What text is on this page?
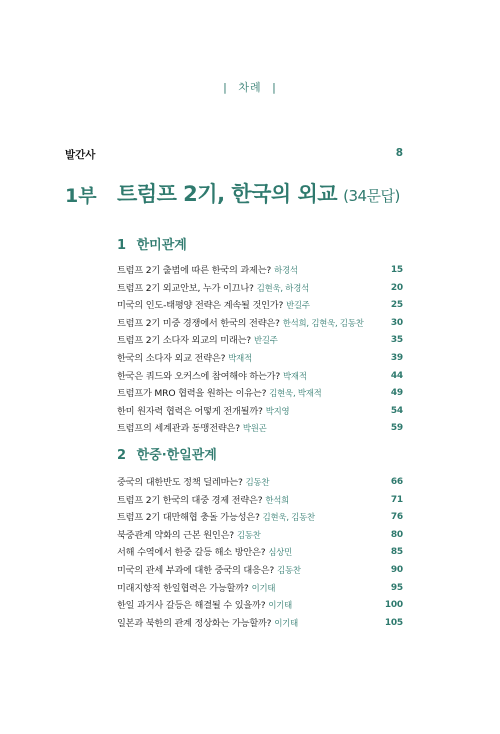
| 차례 |
발간사	8
1부 트럼프 2기, 한국의 외교 (34문답)
1 한미관계
트럼프 2기 출범에 따른 한국의 과제는? 하경석	15
트럼프 2기 외교안보, 누가 이끄나? 김현욱, 하경석	20
미국의 인도-태평양 전략은 계속될 것인가? 반길주	25
트럼프 2기 미중 경쟁에서 한국의 전략은? 한석희, 김현욱, 김동찬	30
트럼프 2기 소다자 외교의 미래는? 반길주	35
한국의 소다자 외교 전략은? 박재적	39
한국은 쿼드와 오커스에 참여해야 하는가? 박재적	44
트럼프가 MRO 협력을 원하는 이유는? 김현욱, 박재적	49
한미 원자력 협력은 어떻게 전개될까? 박지영	54
트럼프의 세계관과 동맹전략은? 박원곤	59
2 한중·한일관계
중국의 대한반도 정책 딜레마는? 김동찬	66
트럼프 2기 한국의 대중 경제 전략은? 한석희	71
트럼프 2기 대만해협 충돌 가능성은? 김현욱, 김동찬	76
북중관계 약화의 근본 원인은? 김동찬	80
서해 수역에서 한중 갈등 해소 방안은? 심상민	85
미국의 관세 부과에 대한 중국의 대응은? 김동찬	90
미래지향적 한일협력은 가능할까? 이기태	95
한일 과거사 갈등은 해결될 수 있을까? 이기태	100
일본과 북한의 관계 정상화는 가능할까? 이기태	105
